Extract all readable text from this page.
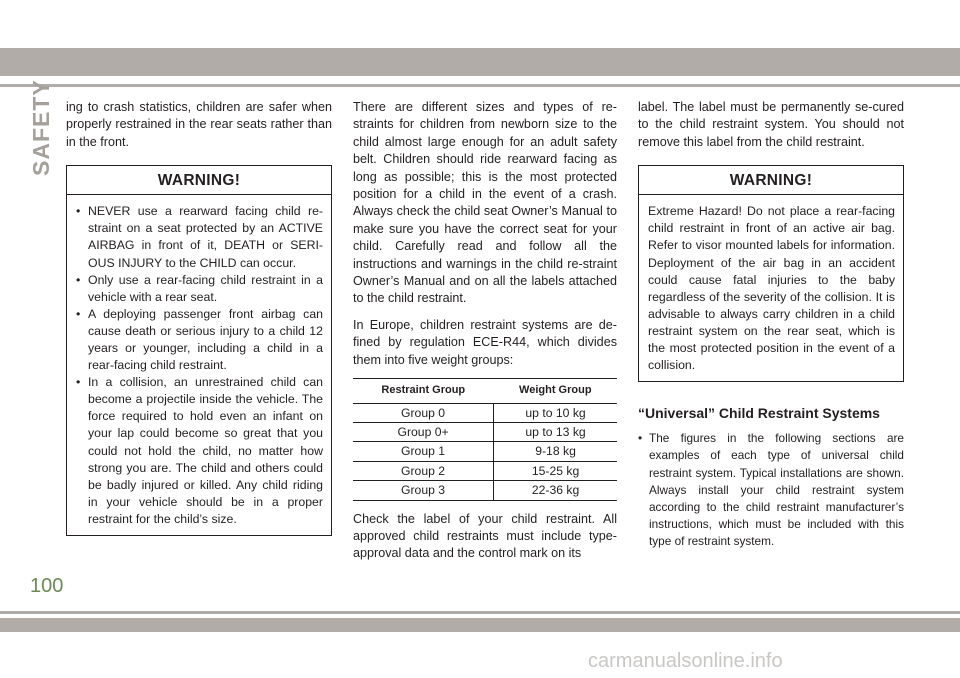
SAFETY ing to crash statistics, children are safer when properly restrained in the rear seats rather than in the front.

WARNING!
• NEVER use a rearward facing child re-straint on a seat protected by an ACTIVE AIRBAG in front of it, DEATH or SERI-OUS INJURY to the CHILD can occur.
• Only use a rear-facing child restraint in a vehicle with a rear seat.
• A deploying passenger front airbag can cause death or serious injury to a child 12 years or younger, including a child in a rear-facing child restraint.
• In a collision, an unrestrained child can become a projectile inside the vehicle. The force required to hold even an infant on your lap could become so great that you could not hold the child, no matter how strong you are. The child and others could be badly injured or killed. Any child riding in your vehicle should be in a proper restraint for the child’s size.

There are different sizes and types of re-straints for children from newborn size to the child almost large enough for an adult safety belt. Children should ride rearward facing as long as possible; this is the most protected position for a child in the event of a crash. Always check the child seat Owner’s Manual to make sure you have the correct seat for your child. Carefully read and follow all the instructions and warnings in the child re-straint Owner’s Manual and on all the labels attached to the child restraint.

In Europe, children restraint systems are de-fined by regulation ECE-R44, which divides them into five weight groups:

Restraint Group	Weight Group
Group 0	up to 10 kg
Group 0+	up to 13 kg
Group 1	9-18 kg
Group 2	15-25 kg
Group 3	22-36 kg

Check the label of your child restraint. All approved child restraints must include type-approval data and the control mark on its

label. The label must be permanently se-cured to the child restraint system. You should not remove this label from the child restraint.

WARNING!

Extreme Hazard! Do not place a rear-facing child restraint in front of an active air bag. Refer to visor mounted labels for information. Deployment of the air bag in an accident could cause fatal injuries to the baby regardless of the severity of the collision. It is advisable to always carry children in a child restraint system on the rear seat, which is the most protected position in the event of a collision.

“Universal” Child Restraint Systems
• The figures in the following sections are examples of each type of universal child restraint system. Typical installations are shown. Always install your child restraint system according to the child restraint manufacturer’s instructions, which must be included with this type of restraint system.
100
carmanualsonline.info
